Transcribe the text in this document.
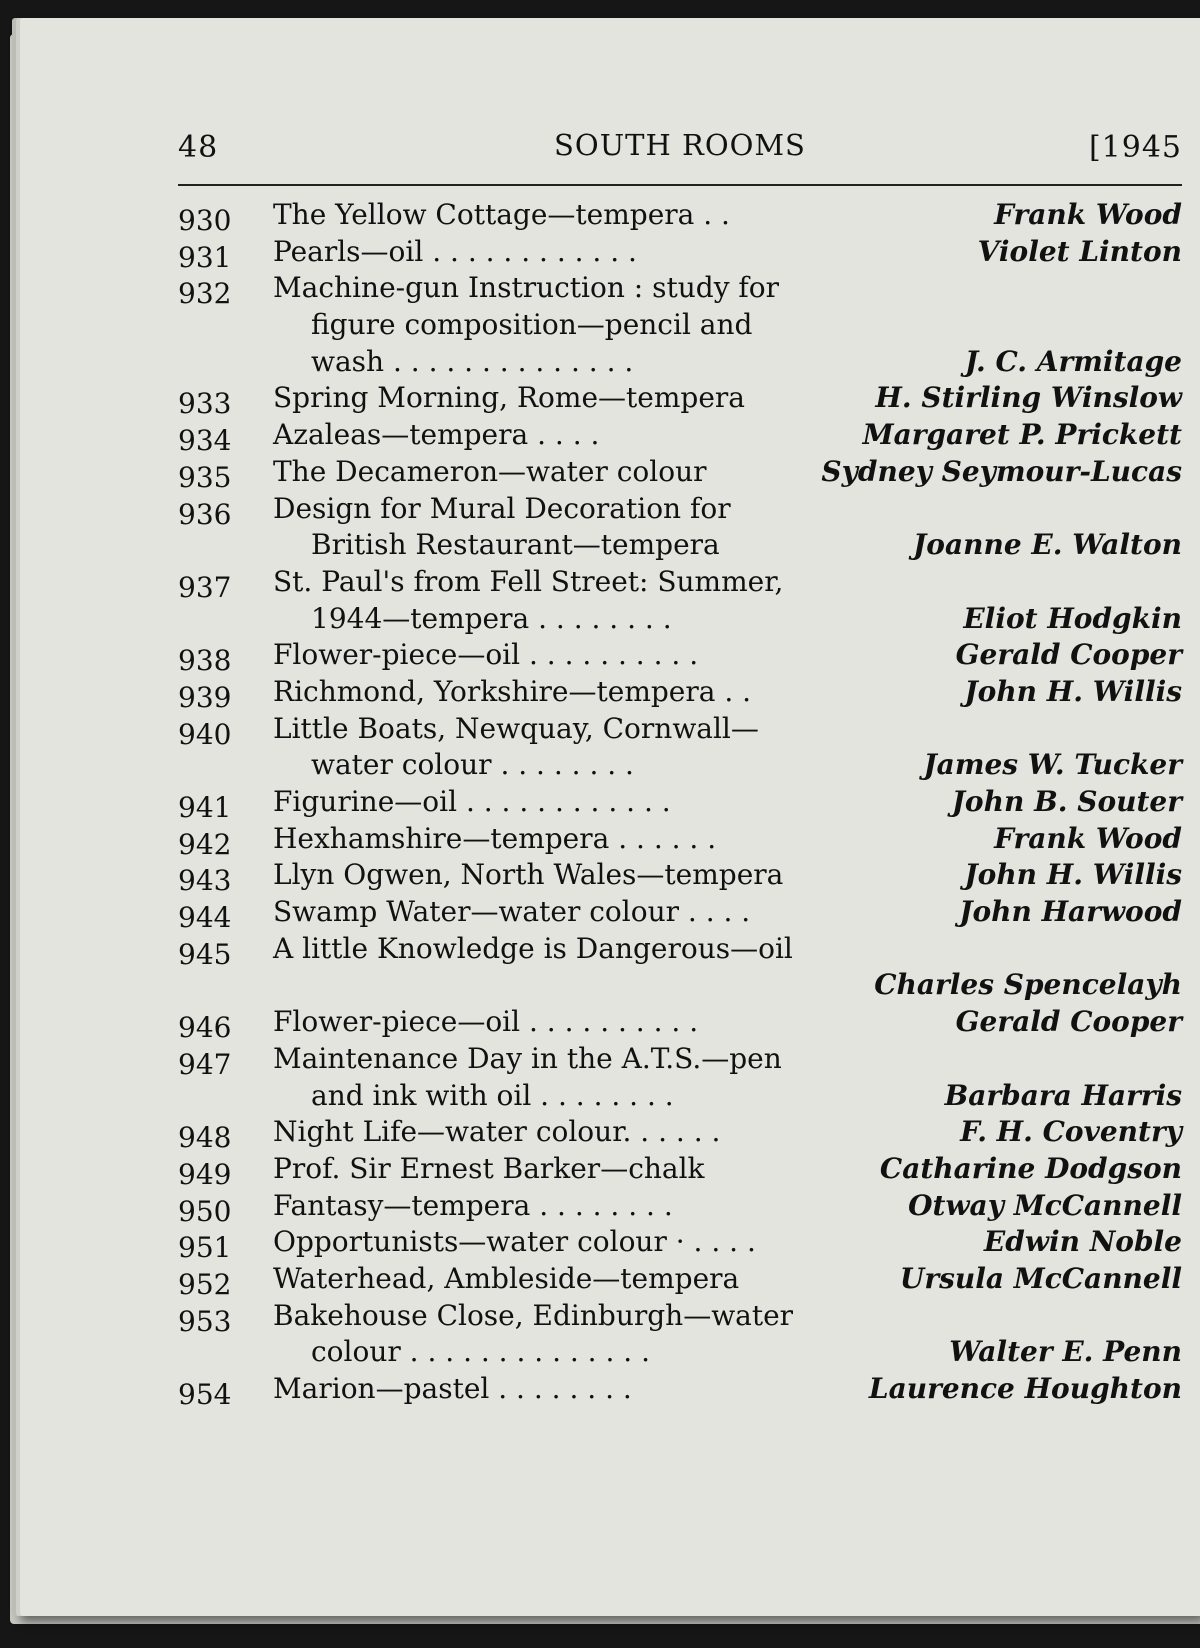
48	SOUTH ROOMS	[1945
930	The Yellow Cottage—tempera . .	Frank Wood
931	Pearls—oil . . . . . . . . . . . .	Violet Linton
932	Machine-gun Instruction : study for
figure composition—pencil and
wash . . . . . . . . . . . . . .	J. C. Armitage
933	Spring Morning, Rome—tempera	H. Stirling Winslow
934	Azaleas—tempera . . . .	Margaret P. Prickett
935	The Decameron—water colour	Sydney Seymour-Lucas
936	Design for Mural Decoration for
British Restaurant—tempera	Joanne E. Walton
937	St. Paul's from Fell Street: Summer,
1944—tempera . . . . . . . .	Eliot Hodgkin
938	Flower-piece—oil . . . . . . . . . .	Gerald Cooper
939	Richmond, Yorkshire—tempera . .	John H. Willis
940	Little Boats, Newquay, Cornwall—
water colour . . . . . . . .	James W. Tucker
941	Figurine—oil . . . . . . . . . . . .	John B. Souter
942	Hexhamshire—tempera . . . . . .	Frank Wood
943	Llyn Ogwen, North Wales—tempera	John H. Willis
944	Swamp Water—water colour . . . .	John Harwood
945	A little Knowledge is Dangerous—oil
Charles Spencelayh
946	Flower-piece—oil . . . . . . . . . .	Gerald Cooper
947	Maintenance Day in the A.T.S.—pen
and ink with oil . . . . . . . .	Barbara Harris
948	Night Life—water colour. . . . . .	F. H. Coventry
949	Prof. Sir Ernest Barker—chalk	Catharine Dodgson
950	Fantasy—tempera . . . . . . . .	Otway McCannell
951	Opportunists—water colour · . . . .	Edwin Noble
952	Waterhead, Ambleside—tempera	Ursula McCannell
953	Bakehouse Close, Edinburgh—water
colour . . . . . . . . . . . . . .	Walter E. Penn
954	Marion—pastel . . . . . . . .	Laurence Houghton
